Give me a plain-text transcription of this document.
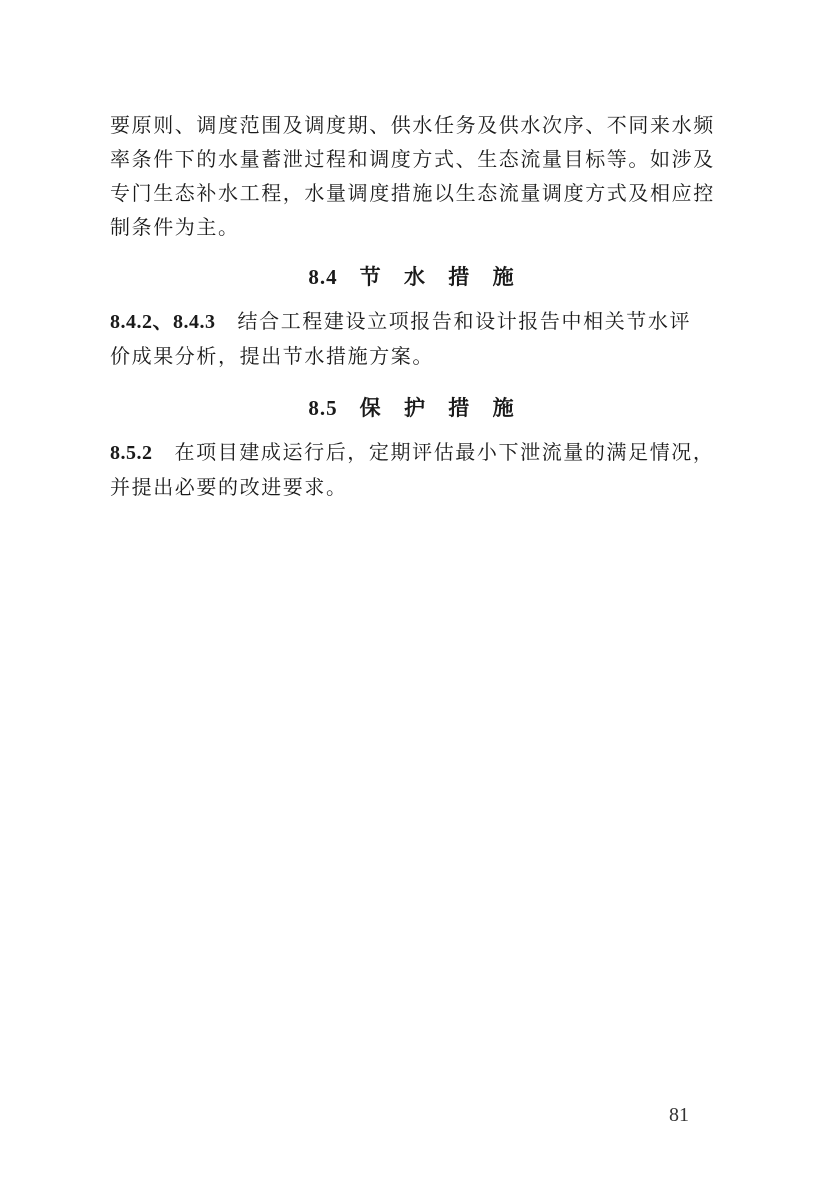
要原则、调度范围及调度期、供水任务及供水次序、不同来水频
率条件下的水量蓄泄过程和调度方式、生态流量目标等。如涉及
专门生态补水工程，水量调度措施以生态流量调度方式及相应控
制条件为主。

8.4 节 水 措 施

8.4.2、8.4.3 结合工程建设立项报告和设计报告中相关节水评
价成果分析，提出节水措施方案。

8.5 保 护 措 施

8.5.2 在项目建成运行后，定期评估最小下泄流量的满足情况，
并提出必要的改进要求。

81
